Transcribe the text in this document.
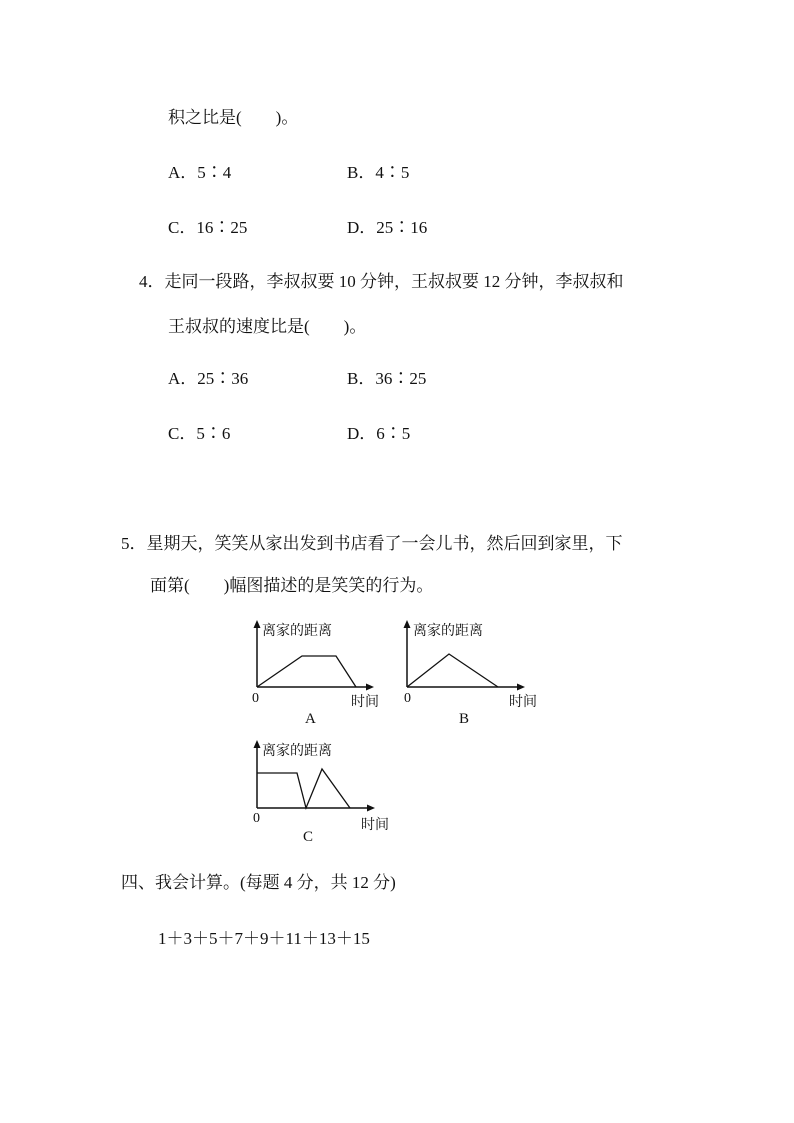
积之比是(　　)。
A．5∶4	B．4∶5
C．16∶25	D．25∶16
4．走同一段路，李叔叔要 10 分钟，王叔叔要 12 分钟，李叔叔和
王叔叔的速度比是(　　)。
A．25∶36	B．36∶25
C．5∶6	D．6∶5
5．星期天，笑笑从家出发到书店看了一会儿书，然后回到家里，下
面第(　　)幅图描述的是笑笑的行为。
离家的距离
0	时间
A
离家的距离
0	时间
B
离家的距离
0	时间
C
四、我会计算。(每题 4 分，共 12 分)
1＋3＋5＋7＋9＋11＋13＋15
